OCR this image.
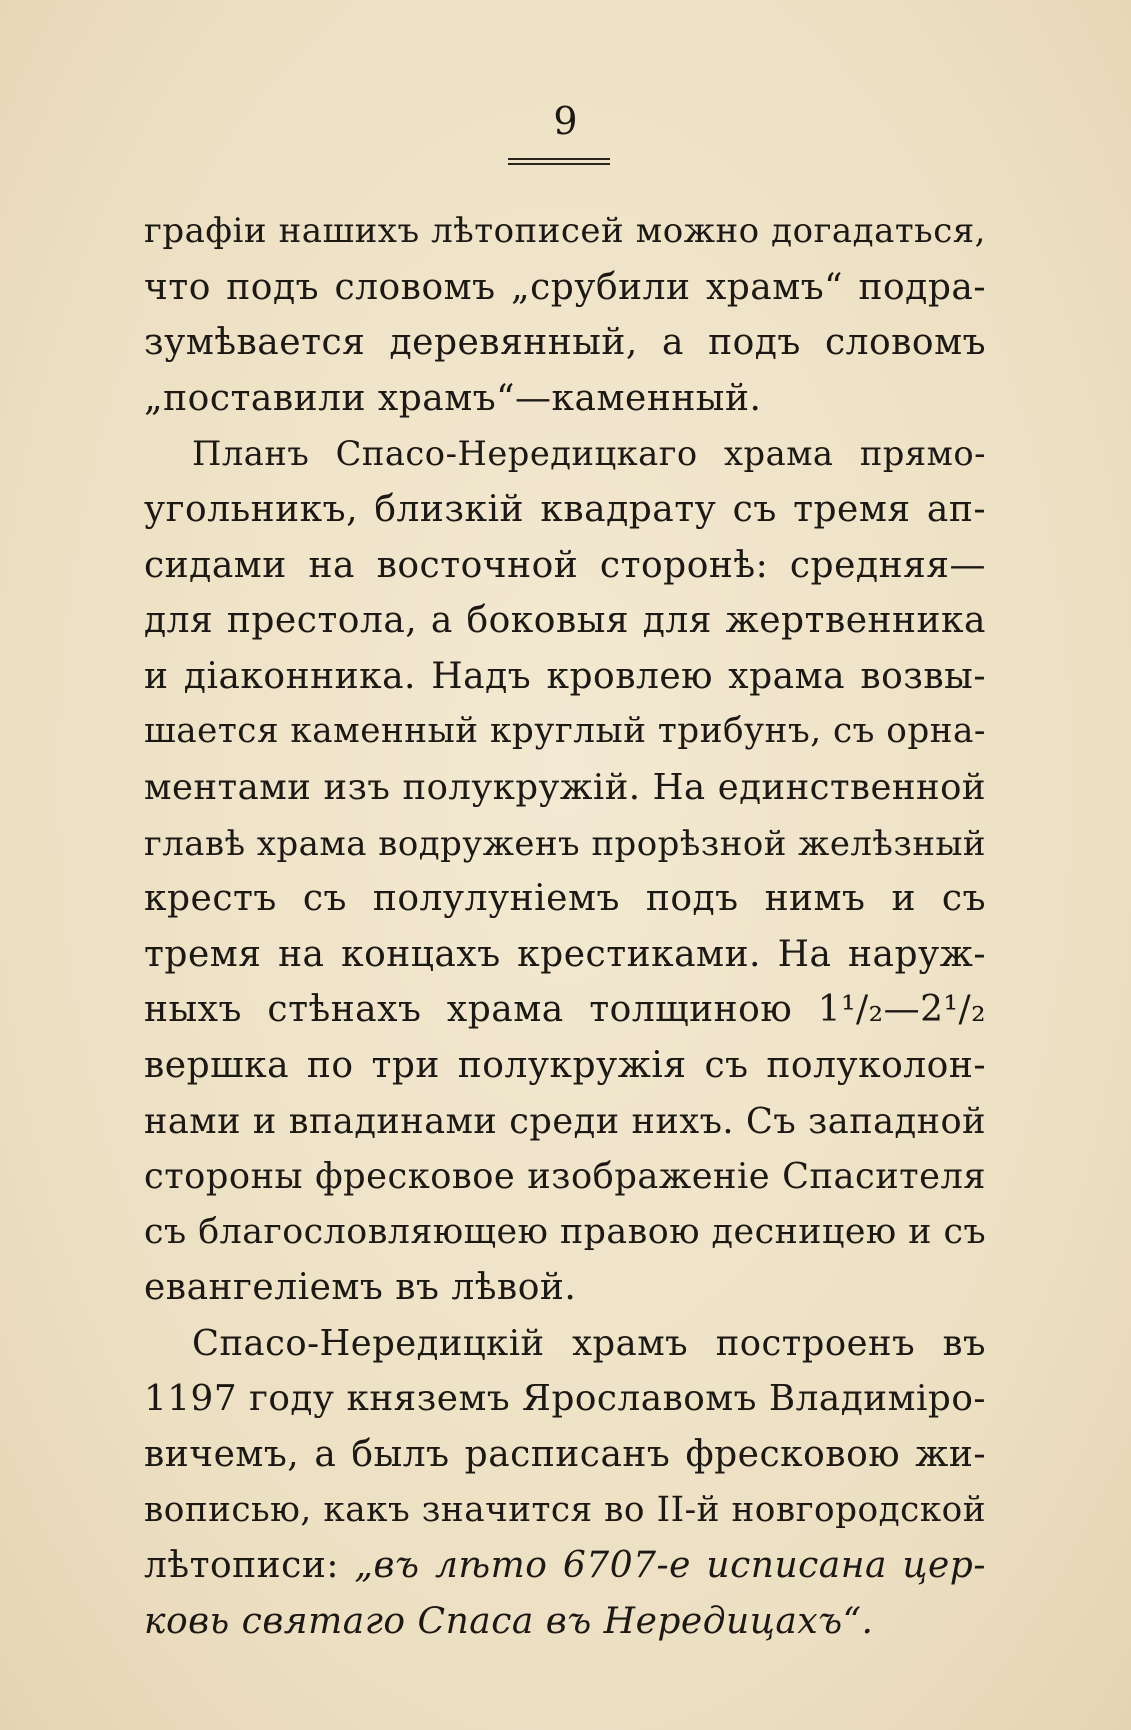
9
графіи нашихъ лѣтописей можно догадаться,
что подъ словомъ „срубили храмъ“ подра-
зумѣвается деревянный, а подъ словомъ
„поставили храмъ“—каменный.
Планъ Спасо-Нередицкаго храма прямо-
угольникъ, близкій квадрату съ тремя ап-
сидами на восточной сторонѣ: средняя—
для престола, а боковыя для жертвенника
и діаконника. Надъ кровлею храма возвы-
шается каменный круглый трибунъ, съ орна-
ментами изъ полукружій. На единственной
главѣ храма водруженъ прорѣзной желѣзный
крестъ съ полулуніемъ подъ нимъ и съ
тремя на концахъ крестиками. На наруж-
ныхъ стѣнахъ храма толщиною 1¹/₂—2¹/₂
вершка по три полукружія съ полуколон-
нами и впадинами среди нихъ. Съ западной
стороны фресковое изображеніе Спасителя
съ благословляющею правою десницею и съ
евангеліемъ въ лѣвой.
Спасо-Нередицкій храмъ построенъ въ
1197 году княземъ Ярославомъ Владиміро-
вичемъ, а былъ расписанъ фресковою жи-
вописью, какъ значится во II-й новгородской
лѣтописи: „въ лѣто 6707-е исписана цер-
ковь святаго Спаса въ Нередицахъ“.
